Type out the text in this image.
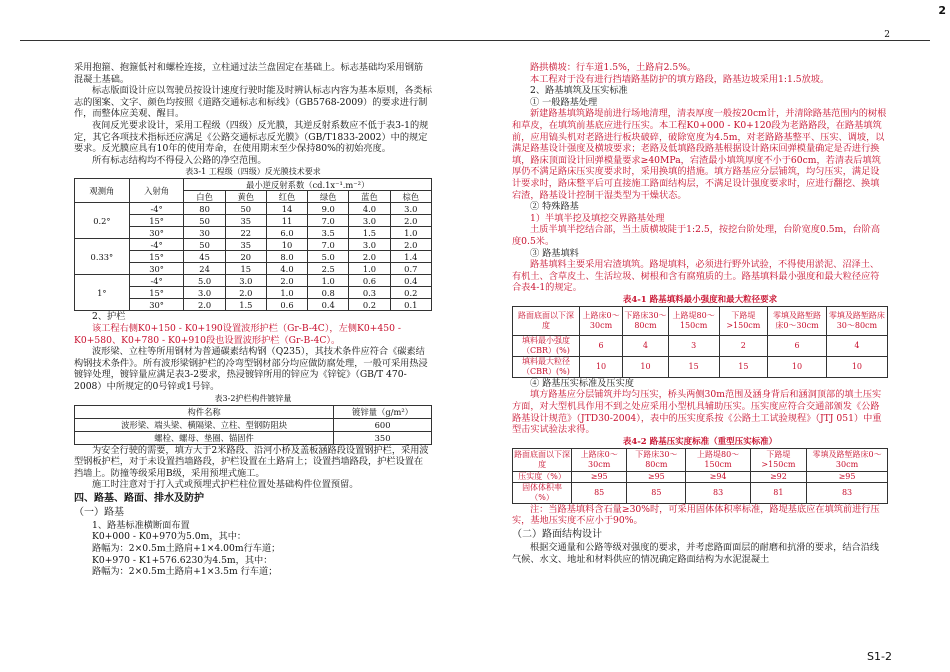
2
2
S1-2

采用抱箍、抱箍低衬和螺栓连接，立柱通过法兰盘固定在基础上。标志基础均采用钢筋混凝土基础。

标志版面设计应以驾驶员按设计速度行驶时能及时辨认标志内容为基本原则，各类标志的图案、文字、颜色均按照《道路交通标志和标线》（GB5768-2009）的要求进行制作，而整体应美观、醒目。

夜间反光要求设计，采用工程级（四级）反光膜，其逆反射系数应不低于表3-1的规定，其它各项技术指标还应满足《公路交通标志反光膜》（GB/T1833-2002）中的规定要求。反光膜应具有10年的使用寿命，在使用期末至少保持80%的初始亮度。

所有标志结构均不得侵入公路的净空范围。

表3-1 工程级（四级）反光膜技术要求
观测角	入射角	最小逆反射系数（cd.1x⁻¹.m⁻²）					
		白色	黄色	红色	绿色	蓝色	棕色
0.2°	-4°	80	50	14	9.0	4.0	3.0
	15°	50	35	11	7.0	3.0	2.0
	30°	30	22	6.0	3.5	1.5	1.0
0.33°	-4°	50	35	10	7.0	3.0	2.0
	15°	45	20	8.0	5.0	2.0	1.4
	30°	24	15	4.0	2.5	1.0	0.7
1°	-4°	5.0	3.0	2.0	1.0	0.6	0.4
	15°	3.0	2.0	1.0	0.8	0.3	0.2
	30°	2.0	1.5	0.6	0.4	0.2	0.1

2、护栏

该工程右侧K0+150 - K0+190设置波形护栏（Gr-B-4C），左侧K0+450 - K0+580、K0+780 - K0+910段也设置波形护栏（Gr-B-4C）。

波形梁、立柱等所用钢材为普通碳素结构钢（Q235），其技术条件应符合《碳素结构钢技术条件》。所有波形梁钢护栏的冷弯型钢材部分均应做防腐处理，一般可采用热浸镀锌处理，镀锌量应满足表3-2要求，热浸镀锌所用的锌应为《锌锭》（GB/T 470-2008）中所规定的0号锌或1号锌。

表3-2护栏构件镀锌量
构件名称	镀锌量（g/m²）
波形梁、端头梁、横隔梁、立柱、型钢防阻块	600
螺栓、螺母、垫圈、锚固件	350

为安全行驶的需要，填方大于2米路段、沿河小桥及盖板涵路段设置钢护栏，采用波型钢板护栏，对于未设置挡墙路段，护栏设置在土路肩上；设置挡墙路段，护栏设置在挡墙上。防撞等级采用B级，采用预埋式施工。

施工时注意对于打入式或预埋式护栏柱位置处基础构件位置预留。

四、路基、路面、排水及防护
（一）路基

1、路基标准横断面布置

K0+000 - K0+970为5.0m，其中：

路幅为：2×0.5m土路肩+1×4.00m行车道；

K0+970 - K1+576.6230为4.5m，其中：

路幅为：2×0.5m土路肩+1×3.5m 行车道；

路拱横坡：行车道1.5%，土路肩2.5%。

本工程对于没有进行挡墙路基防护的填方路段，路基边坡采用1:1.5放坡。

2、路基填筑及压实标准

① 一般路基处理

新建路基填筑路堤前进行场地清理，清表厚度一般按20cm计，并清除路基范围内的树根和草皮，在填筑前基底应进行压实。本工程K0+000 - K0+120段为老路路段，在路基填筑前，应用镐头机对老路进行板块破碎，破除宽度为4.5m，对老路路基整平、压实、调坡，以满足路基设计强度及横坡要求；老路及低填路段路基根据设计路床回弹模量确定是否进行换填，路床顶面设计回弹模量要求≥40MPa，宕渣最小填筑厚度不小于60cm，若清表后填筑厚仍不满足路床压实度要求时，采用换填的措施。填方路基应分层铺筑，均匀压实，满足设计要求时，路床整平后可直接施工路面结构层，不满足设计强度要求时，应进行翻挖、换填宕渣，路基设计控制干湿类型为干燥状态。

② 特殊路基

1）半填半挖及填挖交界路基处理

土质半填半挖结合部，当土质横坡陡于1:2.5，按挖台阶处理，台阶宽度0.5m，台阶高度0.5米。

③ 路基填料

路基填料主要采用宕渣填筑。路堤填料，必须进行野外试验，不得使用淤泥、沼泽土、有机土、含草皮土、生活垃圾、树根和含有腐殖质的土。路基填料最小强度和最大粒径应符合表4-1的规定。

表4-1 路基填料最小强度和最大粒径要求
路面底面以下深度	上路床0～30cm	下路床30～80cm	上路堤80～150cm	下路堤>150cm	零填及路堑路床0～30cm	零填及路堑路床30～80cm
填料最小强度（CBR）(%)	6	4	3	2	6	4
填料最大粒径（CBR）(%)	10	10	15	15	10	10

④ 路基压实标准及压实度

填方路基应分层铺筑并均匀压实，桥头两侧30m范围及涵身背后和涵洞顶部的填土压实方面，对大型机具作用不到之处应采用小型机具辅助压实。压实度应符合交通部颁发《公路路基设计规范》（JTD30-2004），表中的压实度系按《公路土工试验规程》（JTJ 051）中重型击实试验法求得。

表4-2 路基压实度标准（重型压实标准）
路面底面以下深度	上路床0～30cm	下路床30～80cm	上路堤80～150cm	下路堤>150cm	零填及路堑路床0～30cm
压实度（%）	≥95	≥95	≥94	≥92	≥95
固体体积率（%）	85	85	83	81	83

注：当路基填料含石量≥30%时，可采用固体体积率标准，路堤基底应在填筑前进行压实，基地压实度不应小于90%。

（二）路面结构设计

根据交通量和公路等级对强度的要求，并考虑路面面层的耐磨和抗滑的要求，结合沿线气候、水文、地址和材料供应的情况确定路面结构为水泥混凝土
